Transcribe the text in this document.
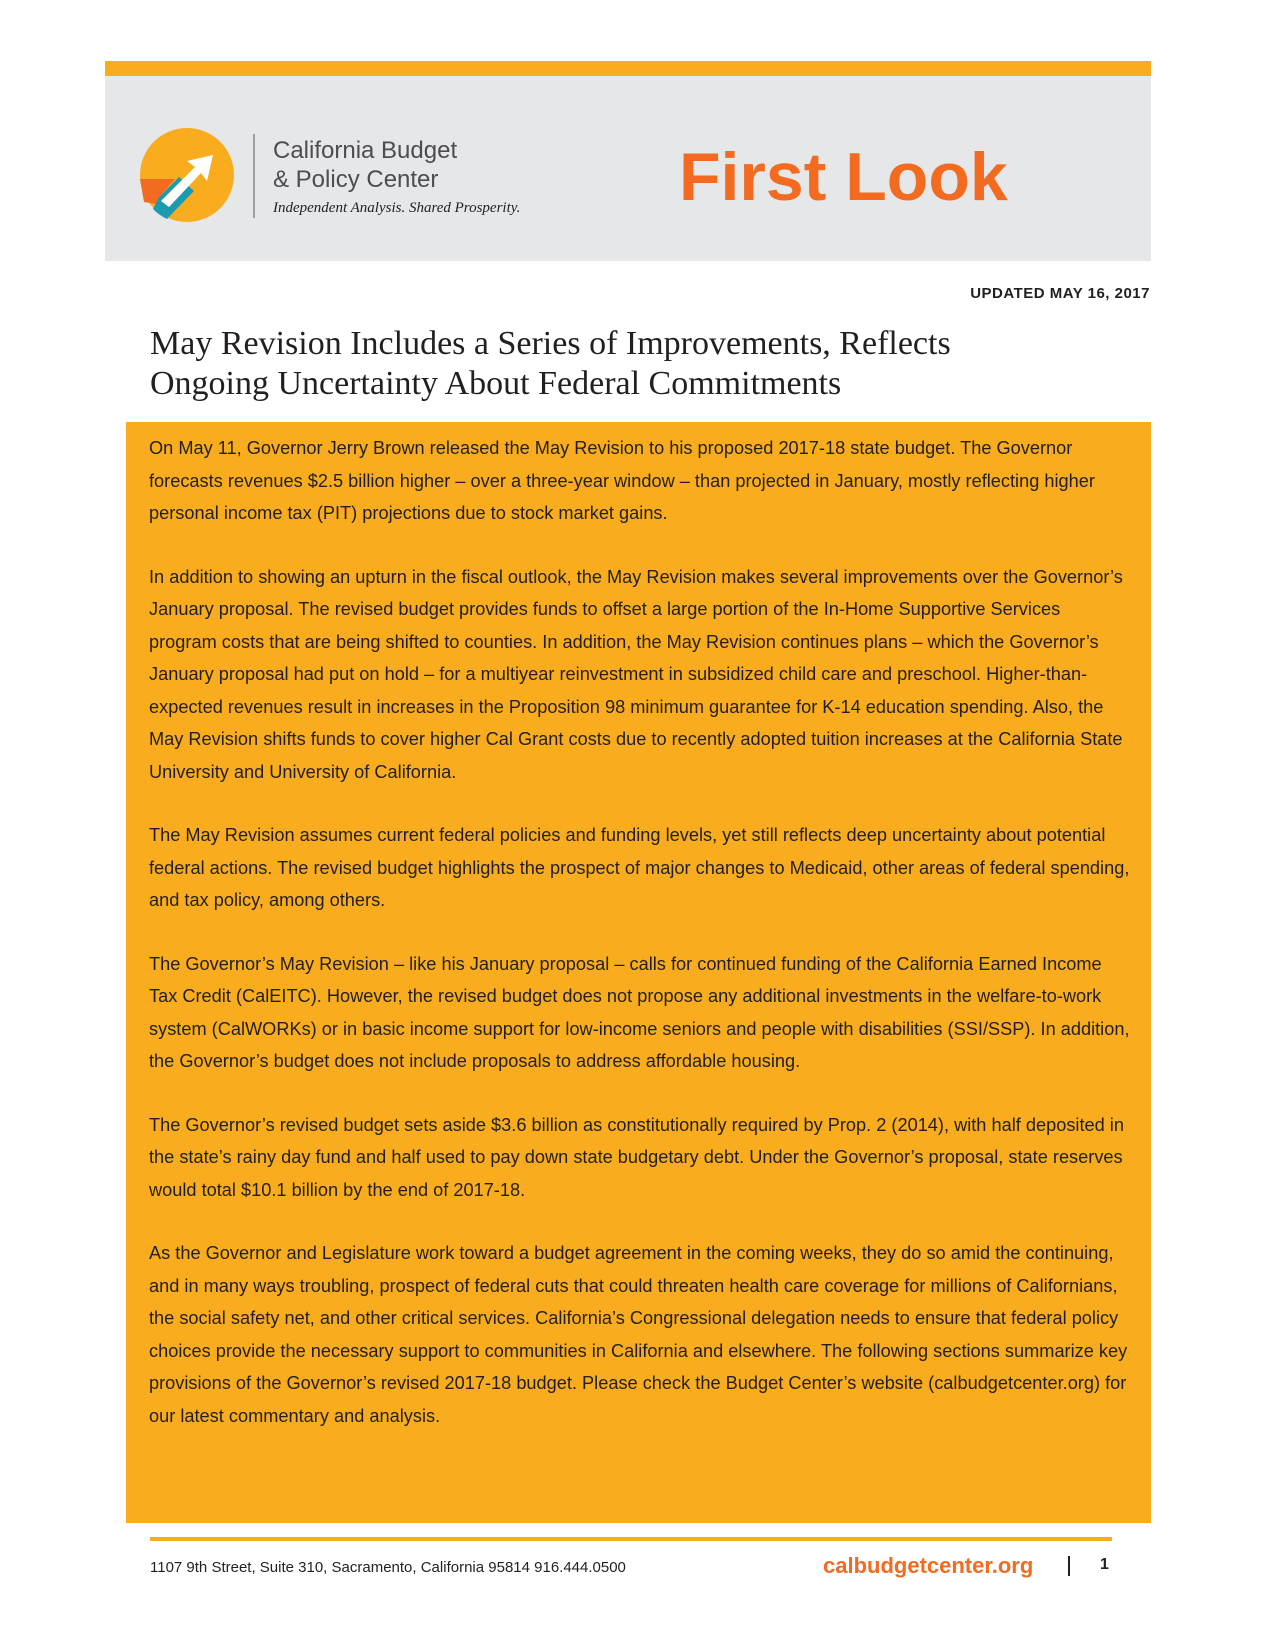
California Budget
& Policy Center
Independent Analysis. Shared Prosperity.	First Look
UPDATED MAY 16, 2017
May Revision Includes a Series of Improvements, Reflects
Ongoing Uncertainty About Federal Commitments

On May 11, Governor Jerry Brown released the May Revision to his proposed 2017-18 state budget. The Governor forecasts revenues $2.5 billion higher – over a three-year window – than projected in January, mostly reflecting higher personal income tax (PIT) projections due to stock market gains.

In addition to showing an upturn in the fiscal outlook, the May Revision makes several improvements over the Governor’s January proposal. The revised budget provides funds to offset a large portion of the In-Home Supportive Services program costs that are being shifted to counties. In addition, the May Revision continues plans – which the Governor’s January proposal had put on hold – for a multiyear reinvestment in subsidized child care and preschool. Higher-than-expected revenues result in increases in the Proposition 98 minimum guarantee for K-14 education spending. Also, the May Revision shifts funds to cover higher Cal Grant costs due to recently adopted tuition increases at the California State University and University of California.

The May Revision assumes current federal policies and funding levels, yet still reflects deep uncertainty about potential federal actions. The revised budget highlights the prospect of major changes to Medicaid, other areas of federal spending, and tax policy, among others.

The Governor’s May Revision – like his January proposal – calls for continued funding of the California Earned Income Tax Credit (CalEITC). However, the revised budget does not propose any additional investments in the welfare-to-work system (CalWORKs) or in basic income support for low-income seniors and people with disabilities (SSI/SSP). In addition, the Governor’s budget does not include proposals to address affordable housing.

The Governor’s revised budget sets aside $3.6 billion as constitutionally required by Prop. 2 (2014), with half deposited in the state’s rainy day fund and half used to pay down state budgetary debt. Under the Governor’s proposal, state reserves would total $10.1 billion by the end of 2017-18.

As the Governor and Legislature work toward a budget agreement in the coming weeks, they do so amid the continuing, and in many ways troubling, prospect of federal cuts that could threaten health care coverage for millions of Californians, the social safety net, and other critical services. California’s Congressional delegation needs to ensure that federal policy choices provide the necessary support to communities in California and elsewhere. The following sections summarize key provisions of the Governor’s revised 2017-18 budget. Please check the Budget Center’s website (calbudgetcenter.org) for our latest commentary and analysis.

1107 9th Street, Suite 310, Sacramento, California 95814 916.444.0500	calbudgetcenter.org	1
